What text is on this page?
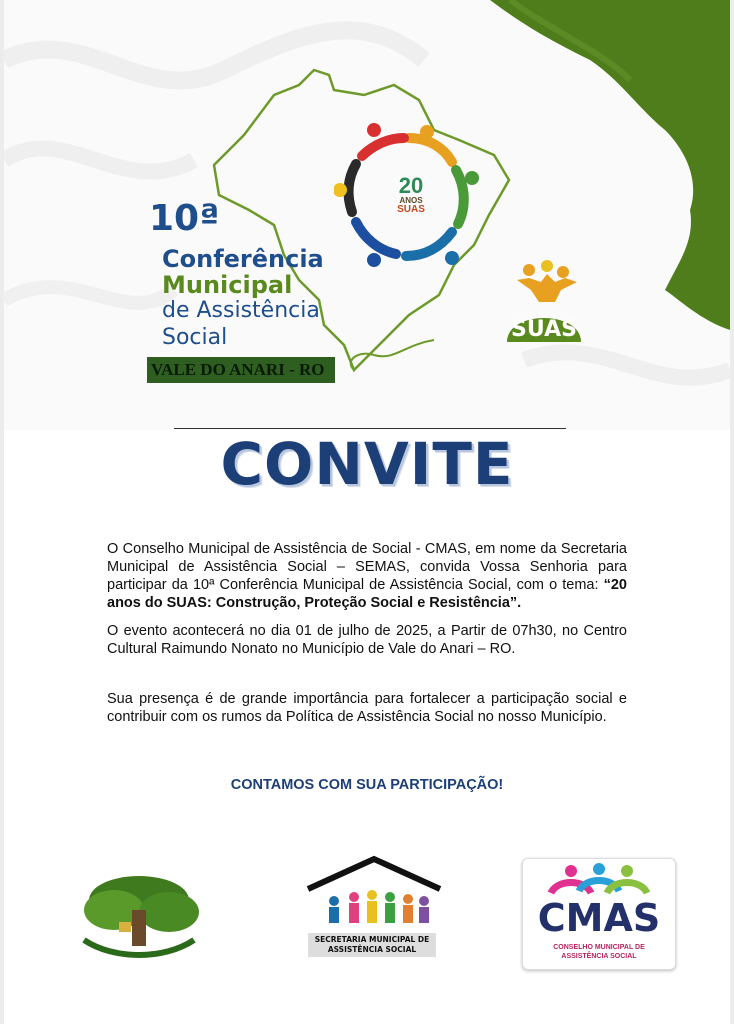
20
ANOS
SUAS
10ª
Conferência
Municipal
de Assistência
Social
VALE DO ANARI - RO
SUAS
CONVITE

O Conselho Municipal de Assistência de Social - CMAS, em nome da Secretaria Municipal de Assistência Social – SEMAS, convida Vossa Senhoria para participar da 10ª Conferência Municipal de Assistência Social, com o tema: “20 anos do SUAS: Construção, Proteção Social e Resistência”.

O evento acontecerá no dia 01 de julho de 2025, a Partir de 07h30, no Centro Cultural Raimundo Nonato no Município de Vale do Anari – RO.

Sua presença é de grande importância para fortalecer a participação social e contribuir com os rumos da Política de Assistência Social no nosso Município.

CONTAMOS COM SUA PARTICIPAÇÃO!
SECRETARIA MUNICIPAL DE
ASSISTÊNCIA SOCIAL
CMAS
CONSELHO MUNICIPAL DE
ASSISTÊNCIA SOCIAL
